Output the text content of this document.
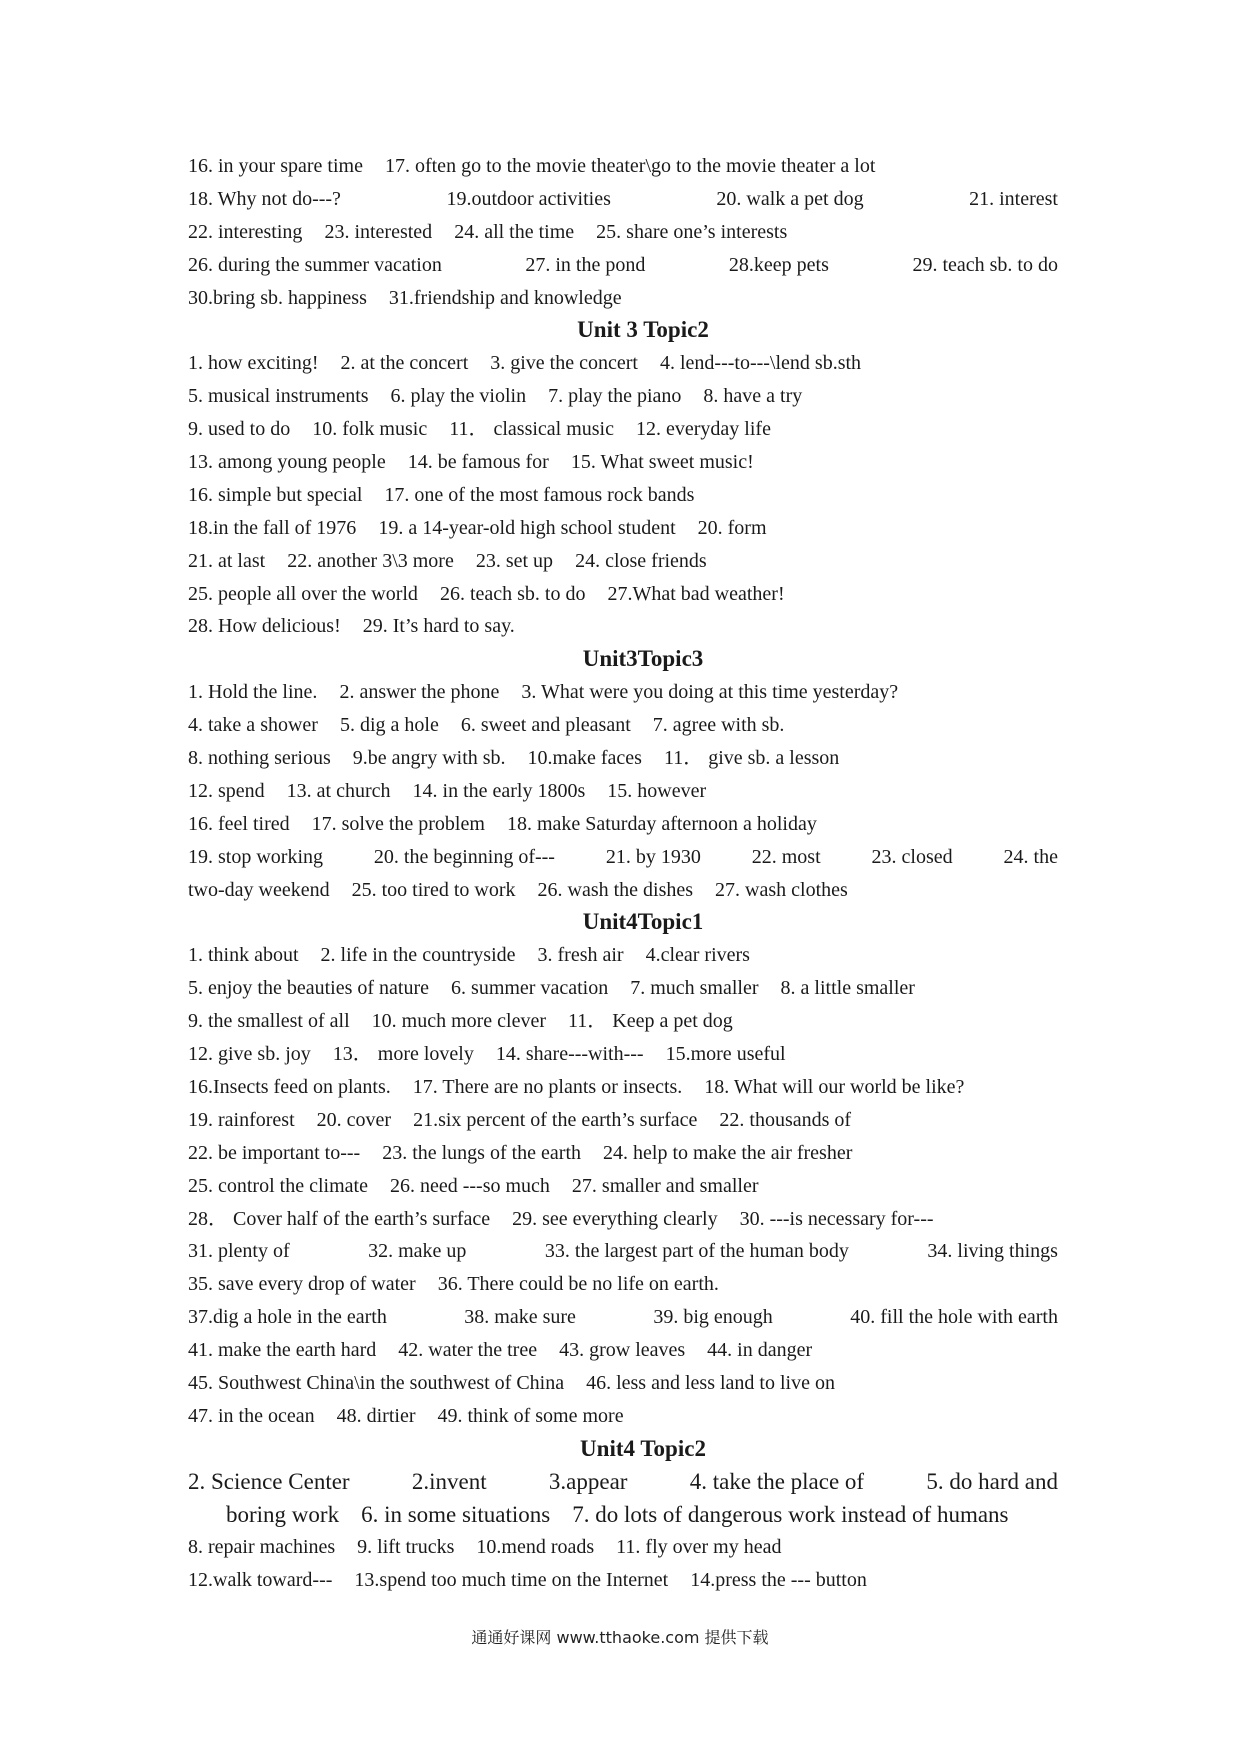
16. in your spare time 17. often go to the movie theater\go to the movie theater a lot
18. Why not do---?	19.outdoor activities	20. walk a pet dog	21. interest
22. interesting 23. interested 24. all the time 25. share one’s interests
26. during the summer vacation	27. in the pond	28.keep pets	29. teach sb. to do
30.bring sb. happiness 31.friendship and knowledge
Unit 3 Topic2
1. how exciting! 2. at the concert 3. give the concert 4. lend---to---\lend sb.sth
5. musical instruments 6. play the violin 7. play the piano 8. have a try
9. used to do 10. folk music 11． classical music 12. everyday life
13. among young people 14. be famous for 15. What sweet music!
16. simple but special 17. one of the most famous rock bands
18.in the fall of 1976 19. a 14-year-old high school student 20. form
21. at last 22. another 3\3 more 23. set up 24. close friends
25. people all over the world 26. teach sb. to do 27.What bad weather!
28. How delicious! 29. It’s hard to say.
Unit3Topic3
1. Hold the line. 2. answer the phone 3. What were you doing at this time yesterday?
4. take a shower 5. dig a hole 6. sweet and pleasant 7. agree with sb.
8. nothing serious 9.be angry with sb. 10.make faces 11． give sb. a lesson
12. spend 13. at church 14. in the early 1800s 15. however
16. feel tired 17. solve the problem 18. make Saturday afternoon a holiday
19. stop working	20. the beginning of---	21. by 1930	22. most	23. closed	24. the
two-day weekend 25. too tired to work 26. wash the dishes 27. wash clothes
Unit4Topic1
1. think about 2. life in the countryside 3. fresh air 4.clear rivers
5. enjoy the beauties of nature 6. summer vacation 7. much smaller 8. a little smaller
9. the smallest of all 10. much more clever 11． Keep a pet dog
12. give sb. joy 13． more lovely 14. share---with--- 15.more useful
16.Insects feed on plants. 17. There are no plants or insects. 18. What will our world be like?
19. rainforest 20. cover 21.six percent of the earth’s surface 22. thousands of
22. be important to--- 23. the lungs of the earth 24. help to make the air fresher
25. control the climate 26. need ---so much 27. smaller and smaller
28． Cover half of the earth’s surface 29. see everything clearly 30. ---is necessary for---
31. plenty of	32. make up	33. the largest part of the human body	34. living things
35. save every drop of water 36. There could be no life on earth.
37.dig a hole in the earth	38. make sure	39. big enough	40. fill the hole with earth
41. make the earth hard 42. water the tree 43. grow leaves 44. in danger
45. Southwest China\in the southwest of China 46. less and less land to live on
47. in the ocean 48. dirtier 49. think of some more
Unit4 Topic2
2. Science Center	2.invent	3.appear	4. take the place of	5. do hard and
boring work 6. in some situations 7. do lots of dangerous work instead of humans
8. repair machines 9. lift trucks 10.mend roads 11. fly over my head
12.walk toward--- 13.spend too much time on the Internet 14.press the --- button
通通好课网 www.tthaoke.com 提供下载
